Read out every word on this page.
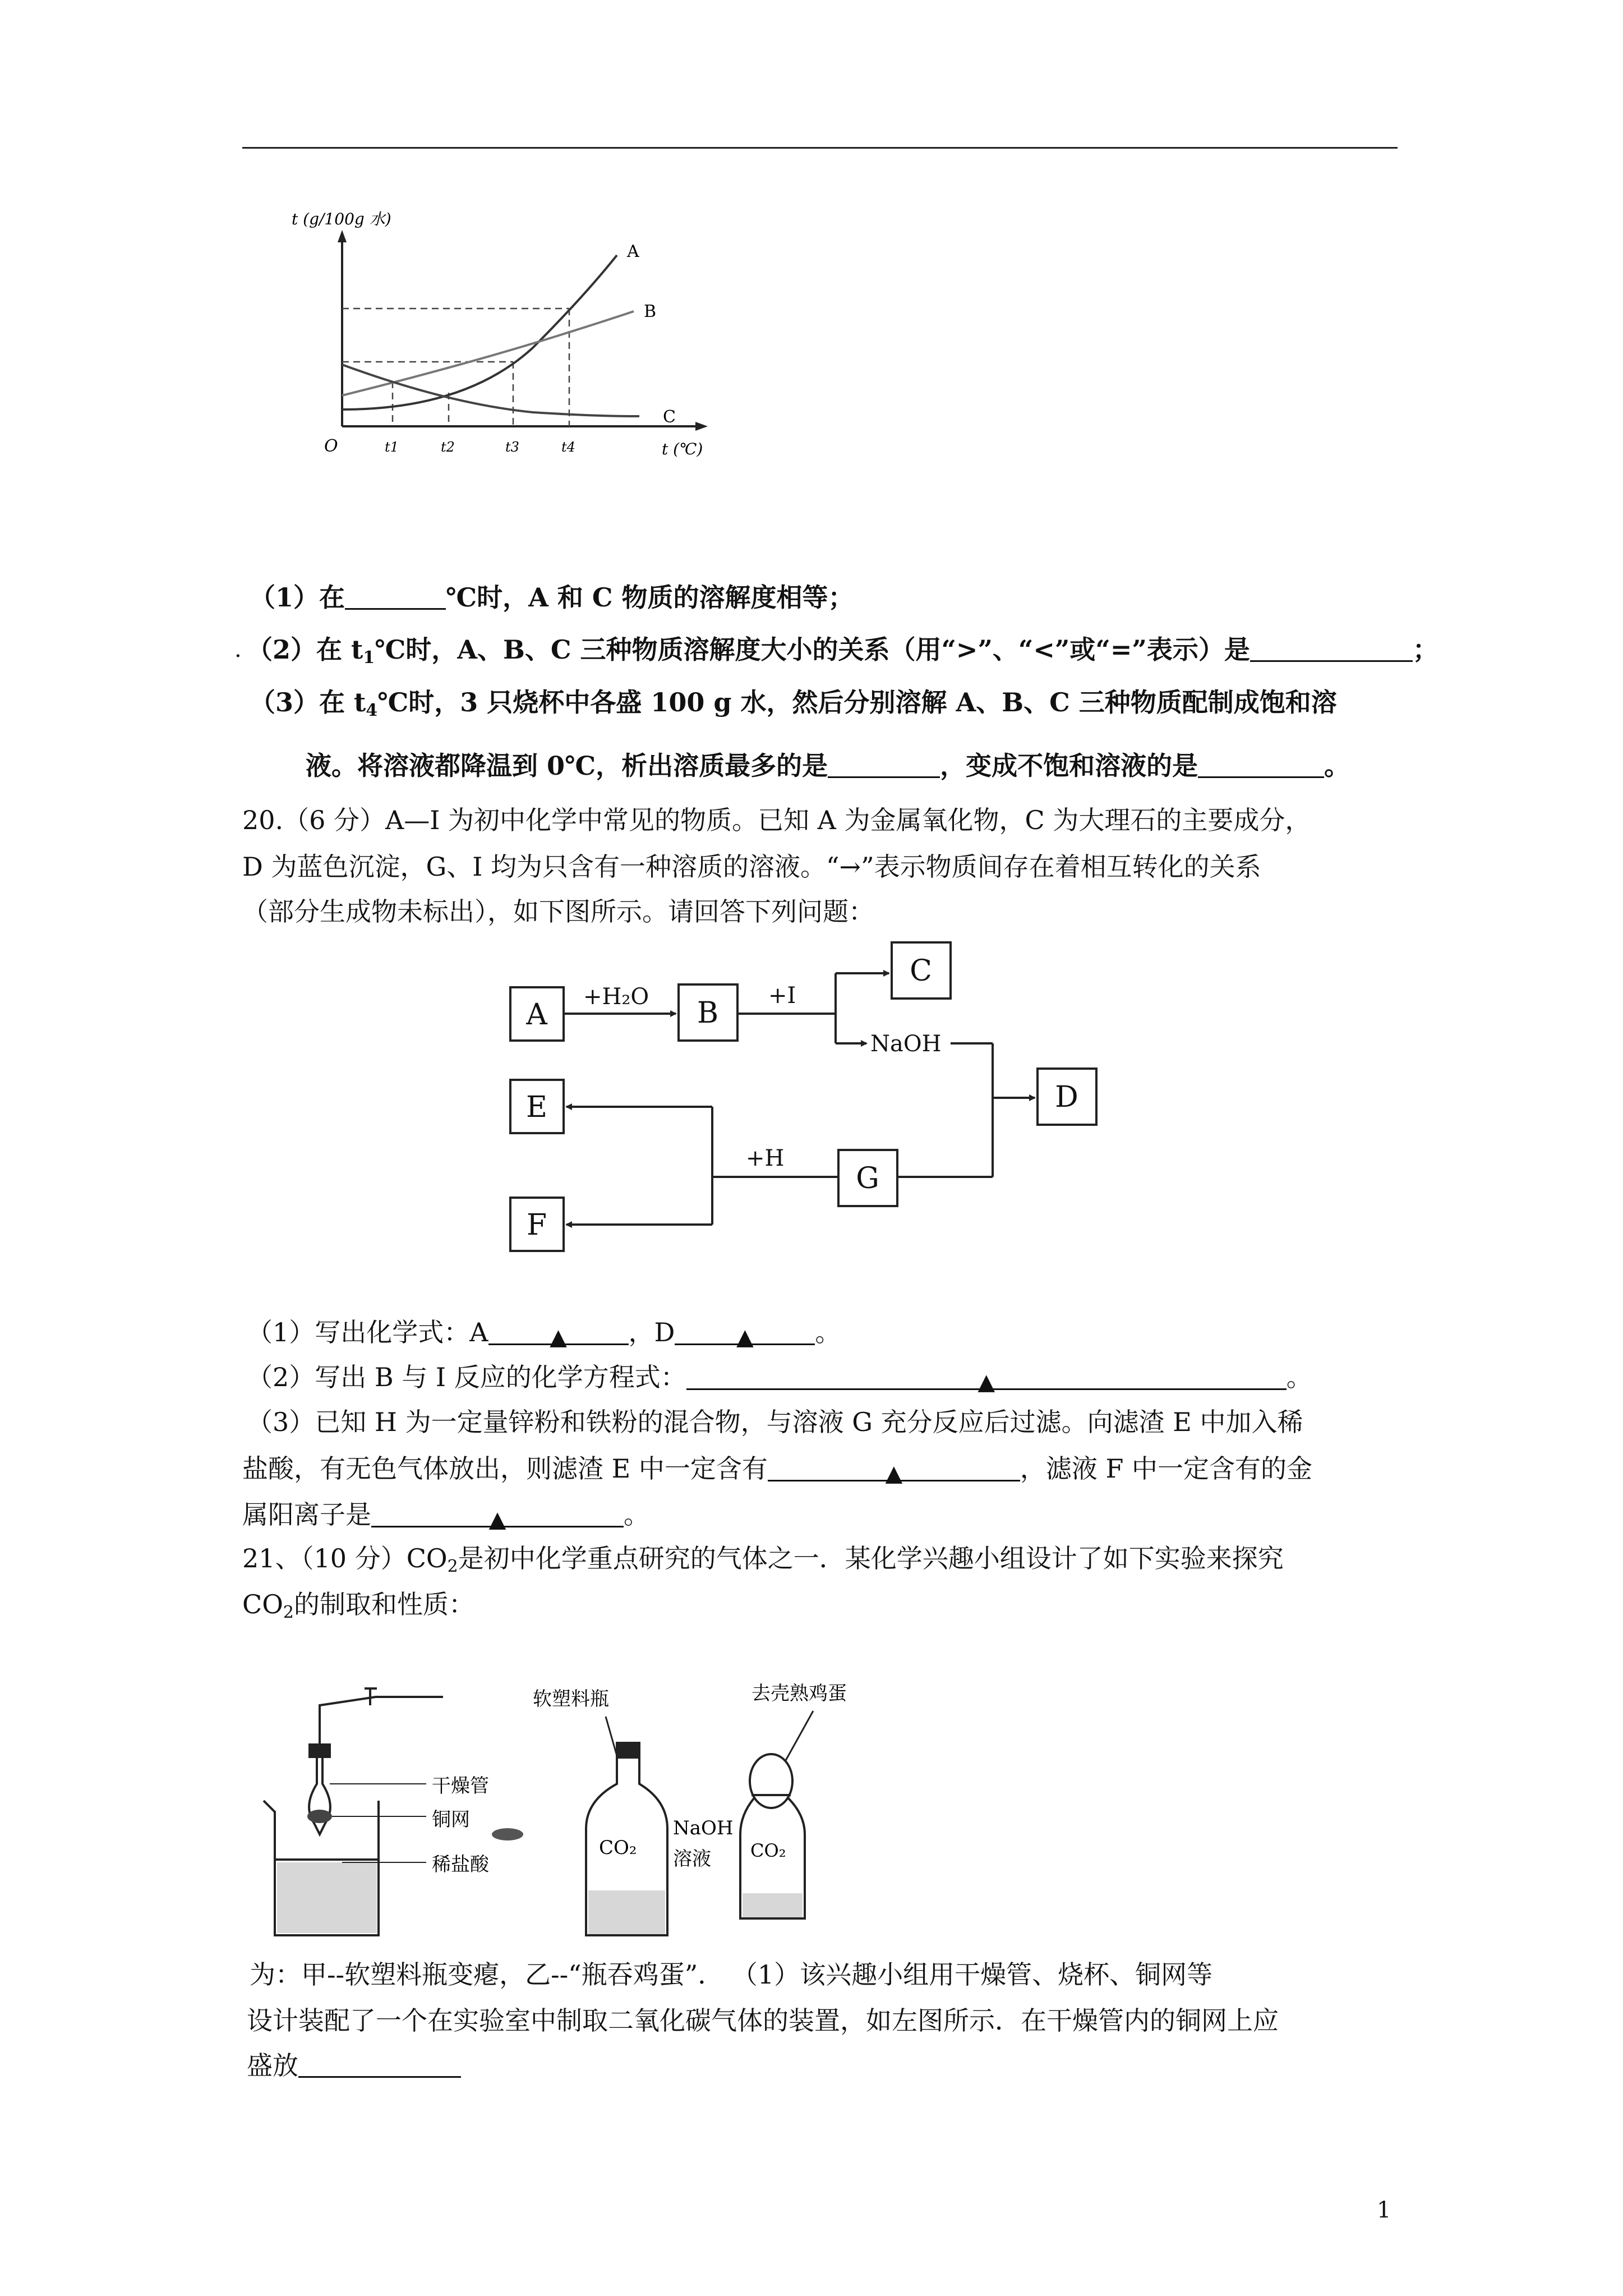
A
B
C
t (g/100g 水)
t (℃)
O	t1	t2	t3	t4
（1）在	℃时，A 和 C 物质的溶解度相等；
（2）在 $t_1℃$时，A、B、C 三种物质溶解度大小的关系（用“>”、“<”或“=”表示）是	；
.
（3）在 $t_4℃$时，3 只烧杯中各盛 100 g 水，然后分别溶解 A、B、C 三种物质配制成饱和溶
液。将溶液都降温到 0℃，析出溶质最多的是	，变成不饱和溶液的是	。
20.（6 分）A—I 为初中化学中常见的物质。已知 A 为金属氧化物，C 为大理石的主要成分，
D 为蓝色沉淀，G、I 均为只含有一种溶质的溶液。“→”表示物质间存在着相互转化的关系
（部分生成物未标出），如下图所示。请回答下列问题：
A	B
C
D
E
F
G
+H₂O	+I
NaOH
+H
（1）写出化学式：A	▲ ，D	▲ 。
（2）写出 B 与 I 反应的化学方程式：	▲	。
（3）已知 H 为一定量锌粉和铁粉的混合物，与溶液 G 充分反应后过滤。向滤渣 E 中加入稀
盐酸，有无色气体放出，则滤渣 E 中一定含有	▲	，滤液 F 中一定含有的金
属阳离子是	▲	。
21、（10 分）$CO_2$是初中化学重点研究的气体之一．某化学兴趣小组设计了如下实验来探究
$CO_2$的制取和性质：
干燥管
铜网
稀盐酸
软塑料瓶
CO₂
NaOH
溶液
去壳熟鸡蛋
CO₂
为：甲--软塑料瓶变瘪，乙--“瓶吞鸡蛋”． （1）该兴趣小组用干燥管、烧杯、铜网等
设计装配了一个在实验室中制取二氧化碳气体的装置，如左图所示．在干燥管内的铜网上应
盛放
1
